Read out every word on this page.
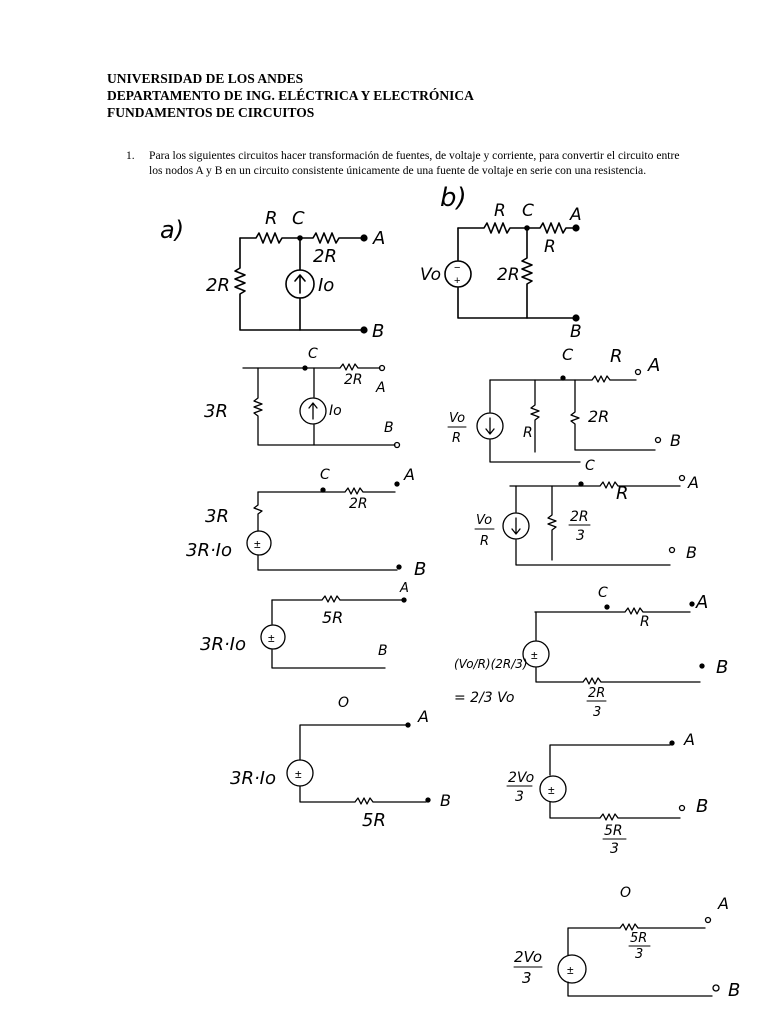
UNIVERSIDAD DE LOS ANDES
DEPARTAMENTO DE ING. ELÉCTRICA Y ELECTRÓNICA
FUNDAMENTOS DE CIRCUITOS
1. Para los siguientes circuitos hacer transformación de fuentes, de voltaje y corriente, para convertir el circuito entre los nodos A y B en un circuito consistente únicamente de una fuente de voltaje en serie con una resistencia.
a)	R C
2R
2R
A
B
Io
b)
−
+
R C
R
2R
A
B
Vo
C
2R A
3R	Io
B
±
C
2R
A
3R
3R·Io
B
±
5R
A
3R·Io	B
±
O
A
3R·Io
5R
B
C R A
Vo
R	R
2R
B
C
R
A
Vo
R
2R
3
B
±
C
R
A
(Vo/R)(2R/3)
= 2/3 Vo	2R
3
B
±
A
2Vo
3
5R
3
B
±
O
A
2Vo
3
5R
3
B
